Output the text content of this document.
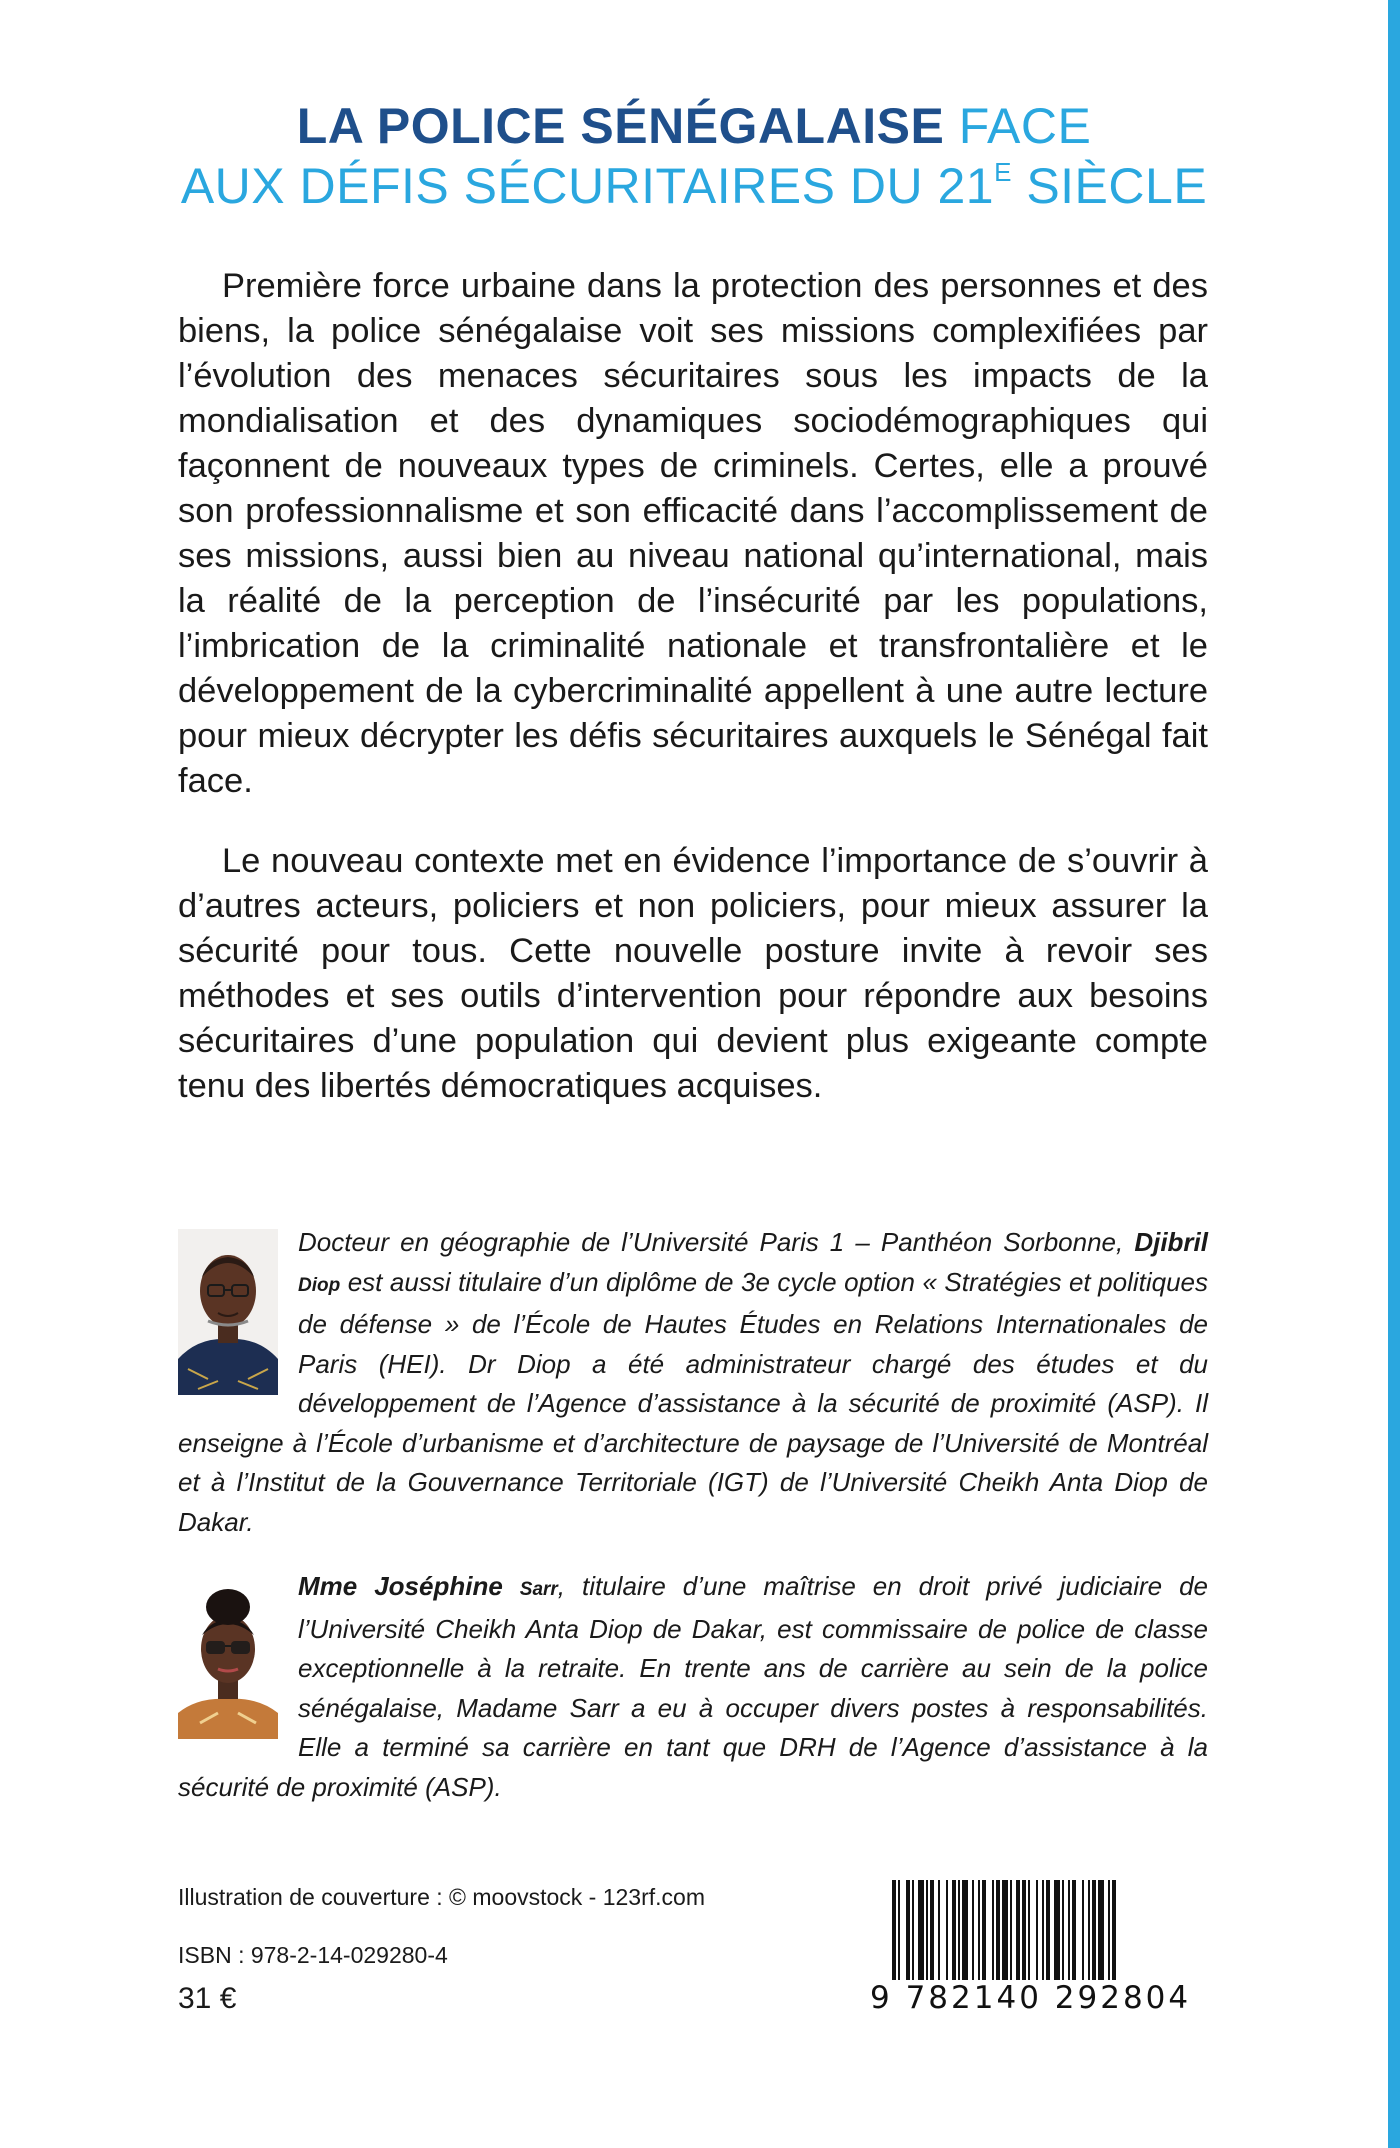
LA POLICE SÉNÉGALAISE FACE
AUX DÉFIS SÉCURITAIRES DU $21^E$ SIÈCLE

Première force urbaine dans la protection des personnes et des biens, la police sénégalaise voit ses missions complexifiées par l’évolution des menaces sécuritaires sous les impacts de la mondialisation et des dynamiques sociodémographiques qui façonnent de nouveaux types de criminels. Certes, elle a prouvé son professionnalisme et son efficacité dans l’accomplissement de ses missions, aussi bien au niveau national qu’international, mais la réalité de la perception de l’insécurité par les populations, l’imbrication de la criminalité nationale et transfrontalière et le développement de la cybercriminalité appellent à une autre lecture pour mieux décrypter les défis sécuritaires auxquels le Sénégal fait face.

Le nouveau contexte met en évidence l’importance de s’ouvrir à d’autres acteurs, policiers et non policiers, pour mieux assurer la sécurité pour tous. Cette nouvelle posture invite à revoir ses méthodes et ses outils d’intervention pour répondre aux besoins sécuritaires d’une population qui devient plus exigeante compte tenu des libertés démocratiques acquises.

Docteur en géographie de l’Université Paris 1 – Panthéon Sorbonne, Djibril Diop est aussi titulaire d’un diplôme de 3e cycle option « Stratégies et politiques de défense » de l’École de Hautes Études en Relations Internationales de Paris (HEI). Dr Diop a été administrateur chargé des études et du développement de l’Agence d’assistance à la sécurité de proximité (ASP). Il enseigne à l’École d’urbanisme et d’architecture de paysage de l’Université de Montréal et à l’Institut de la Gouvernance Territoriale (IGT) de l’Université Cheikh Anta Diop de Dakar.

Mme Joséphine Sarr, titulaire d’une maîtrise en droit privé judiciaire de l’Université Cheikh Anta Diop de Dakar, est commissaire de police de classe exceptionnelle à la retraite. En trente ans de carrière au sein de la police sénégalaise, Madame Sarr a eu à occuper divers postes à responsabilités. Elle a terminé sa carrière en tant que DRH de l’Agence d’assistance à la sécurité de proximité (ASP).

Illustration de couverture : © moovstock - 123rf.com
ISBN : 978-2-14-029280-4
31 €	9 782140 292804
